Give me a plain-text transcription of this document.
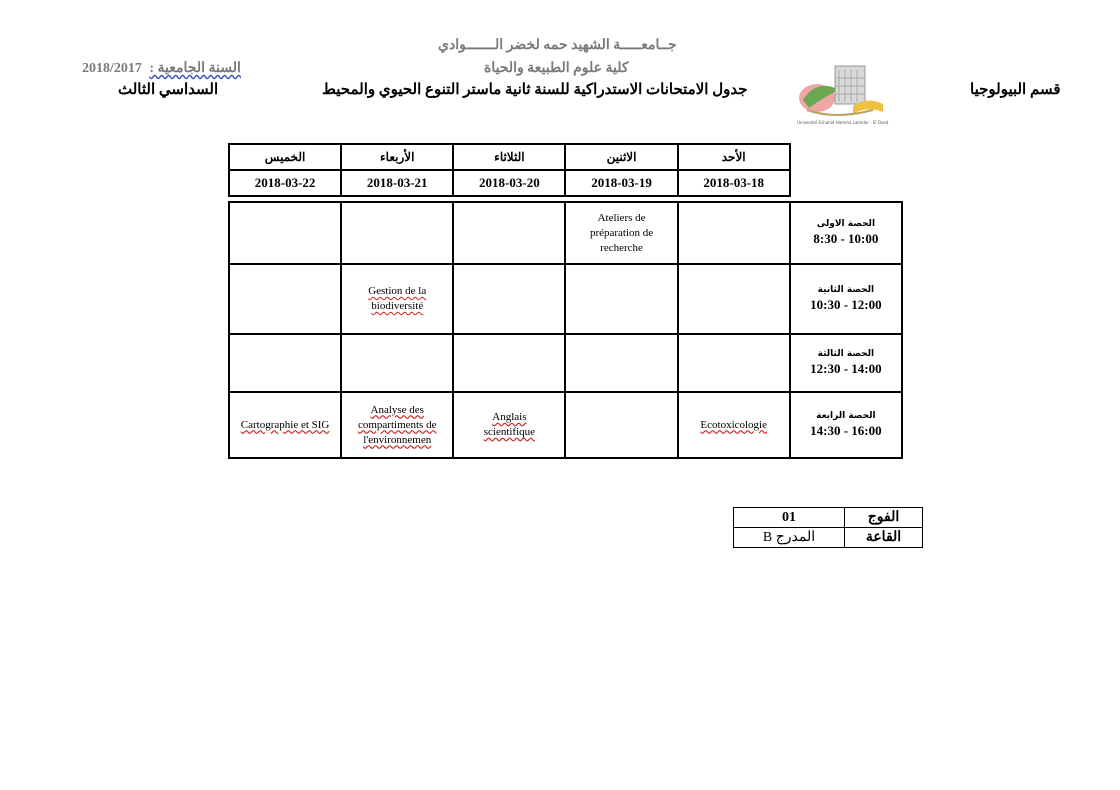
جــامعـــــة الشهيد حمه لخضر الـــــــوادي
كلية علوم الطبيعة والحياة
2018/2017 السنة الجامعية :
قسم البيولوجيا
جدول الامتحانات الاستدراكية للسنة ثانية ماستر التنوع الحيوي والمحيط
السداسي الثالث
Université Echahid Hamma Lakhdar - El Oued
الخميس	الأربعاء	الثلاثاء	الاثنين	الأحد	
2018-03-22	2018-03-21	2018-03-20	2018-03-19	2018-03-18	

			Ateliers de préparation de recherche		الحصة الاولى
8:30 - 10:00

	Gestion de la biodiversité				الحصة الثانية
10:30 - 12:00

					الحصة الثالثة
12:30 - 14:00

Cartographie et SIG	Analyse des compartiments de l'environnemen	Anglais scientifique		Ecotoxicologie	الحصة الرابعة
14:30 - 16:00
01	الفوج
المدرج B	القاعة
